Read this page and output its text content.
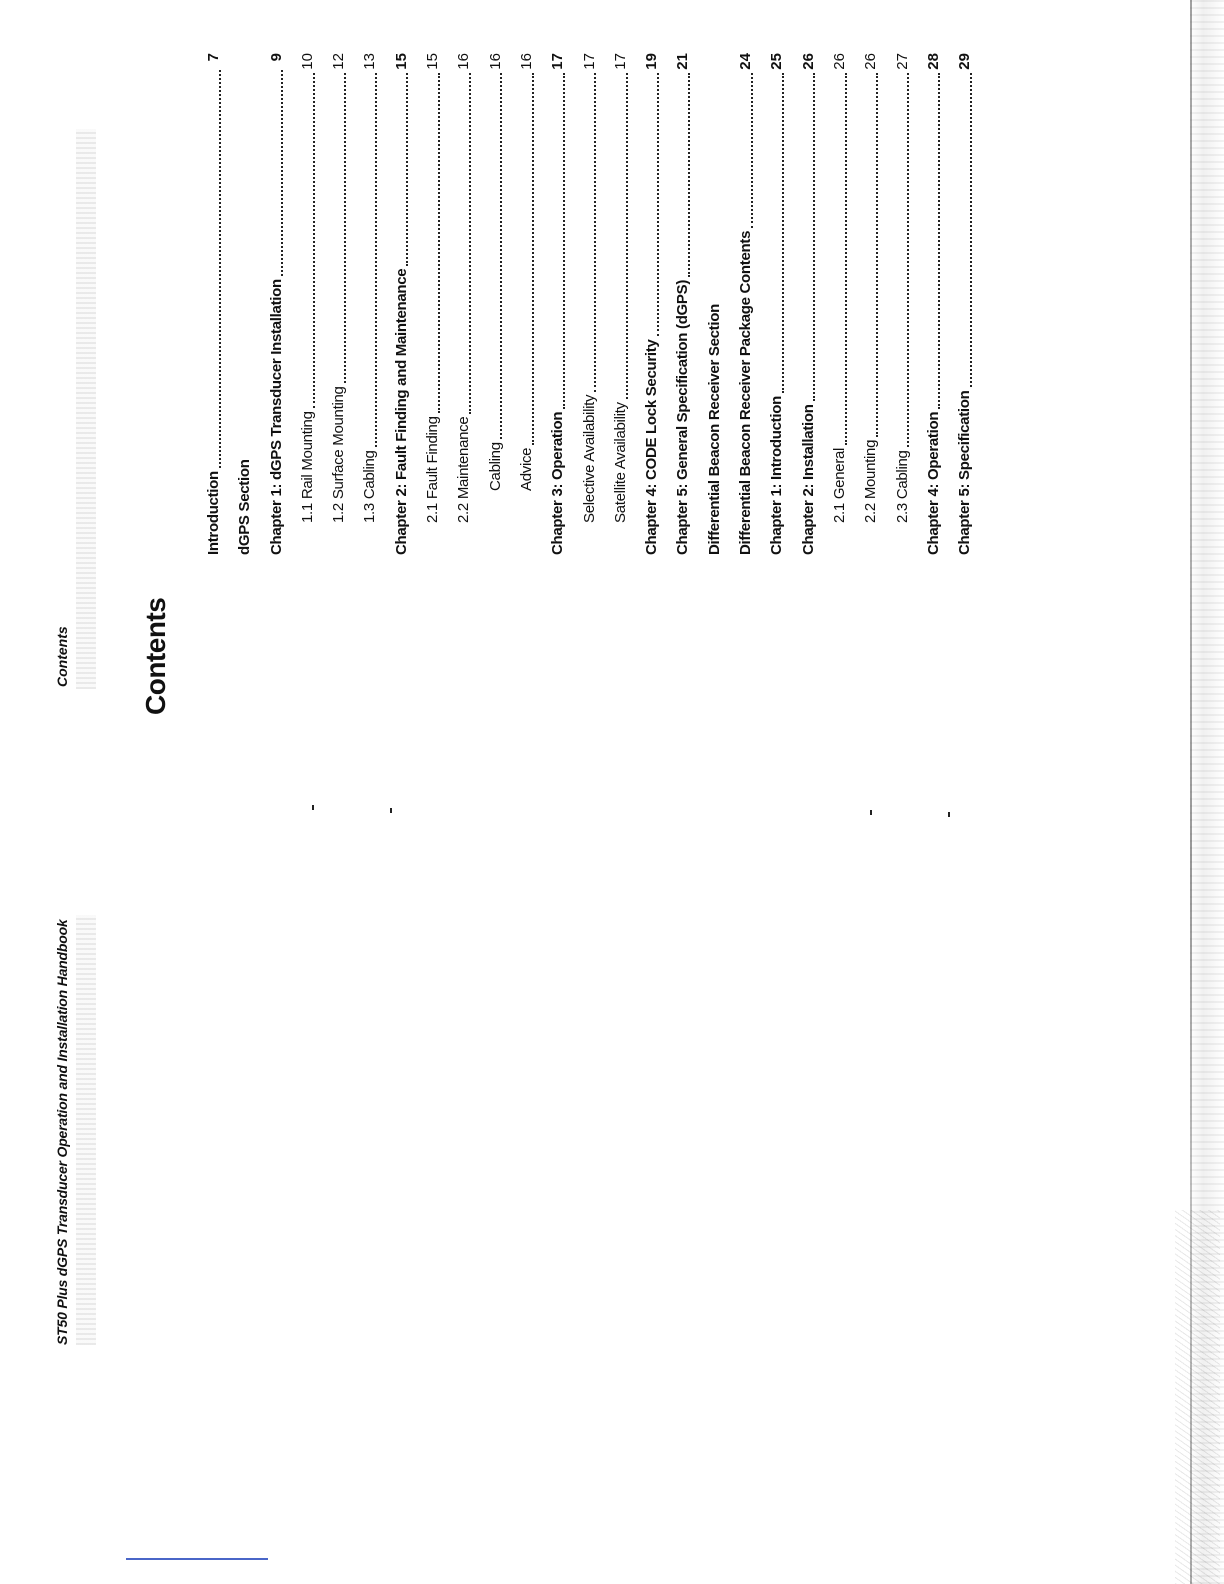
ST50 Plus dGPS Transducer Operation and Installation Handbook
Contents	Contents
Introduction
7
dGPS Section Chapter 1: dGPS Transducer Installation
9
1.1 Rail Mounting
10
1.2 Surface Mounting
12
1.3 Cabling
13
Chapter 2: Fault Finding and Maintenance
15
2.1 Fault Finding
15
2.2 Maintenance
16
Cabling
16
Advice
16
Chapter 3: Operation
17
Selective Availability
17
Satellite Availability
17
Chapter 4: CODE Lock Security
19
Chapter 5: General Specification (dGPS)
21
Differential Beacon Receiver Section Differential Beacon Receiver Package Contents
24
Chapter 1: Introduction
25
Chapter 2: Installation
26
2.1 General
26
2.2 Mounting
26
2.3 Cabling
27
Chapter 4: Operation
28
Chapter 5: Specification
29
